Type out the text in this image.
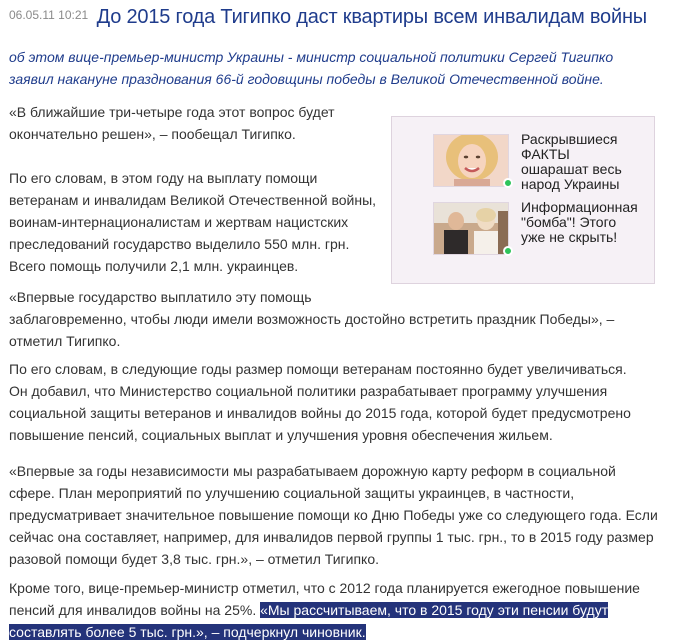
$^{06.05.11 10:21}$ До 2015 года Тигипко даст квартиры всем инвалидам войны
об этом вице-премьер-министр Украины - министр социальной политики Сергей Тигипко
заявил накануне празднования 66-й годовщины победы в Великой Отечественной войне.
«В ближайшие три-четыре года этот вопрос будет
окончательно решен», – пообещал Тигипко.
По его словам, в этом году на выплату помощи
ветеранам и инвалидам Великой Отечественной войны,
воинам-интернационалистам и жертвам нацистских
преследований государство выделило 550 млн. грн.
Всего помощь получили 2,1 млн. украинцев.
«Впервые государство выплатило эту помощь
заблаговременно, чтобы люди имели возможность достойно встретить праздник Победы», –
отметил Тигипко.
По его словам, в следующие годы размер помощи ветеранам постоянно будет увеличиваться.
Он добавил, что Министерство социальной политики разрабатывает программу улучшения
социальной защиты ветеранов и инвалидов войны до 2015 года, которой будет предусмотрено
повышение пенсий, социальных выплат и улучшения уровня обеспечения жильем.
«Впервые за годы независимости мы разрабатываем дорожную карту реформ в социальной
сфере. План мероприятий по улучшению социальной защиты украинцев, в частности,
предусматривает значительное повышение помощи ко Дню Победы уже со следующего года. Если
сейчас она составляет, например, для инвалидов первой группы 1 тыс. грн., то в 2015 году размер
разовой помощи будет 3,8 тыс. грн.», – отметил Тигипко.
Кроме того, вице-премьер-министр отметил, что с 2012 года планируется ежегодное повышение
пенсий для инвалидов войны на 25%. «Мы рассчитываем, что в 2015 году эти пенсии будут
составлять более 5 тыс. грн.», – подчеркнул чиновник.
Раскрывшиеся
ФАКТЫ
ошарашат весь
народ Украины
Информационная
"бомба"! Этого
уже не скрыть!
